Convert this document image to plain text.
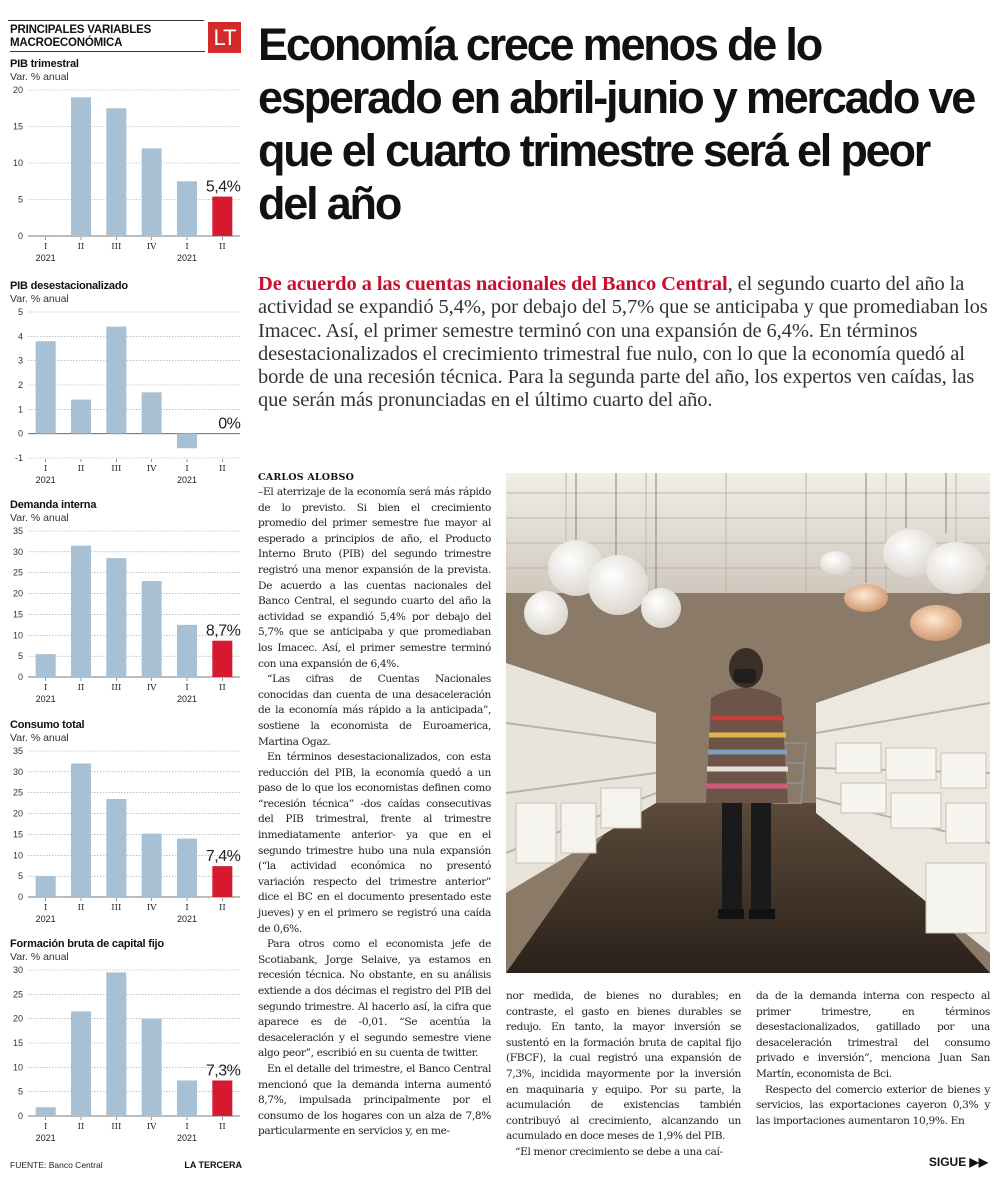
PRINCIPALES VARIABLES
MACROECONÓMICA	LT
PIB trimestral
Var. % anual
0
5
10
15
20
I	II	III	IV	I	II
5,4%
2021	2021
PIB desestacionalizado
Var. % anual
-1
0
1
2
3
4
5
I	II	III	IV	I	II
0%
2021	2021
Demanda interna
Var. % anual
0
5
10
15
20
25
30
35
I	II	III	IV	I	II
8,7%
2021	2021
Consumo total
Var. % anual
0
5
10
15
20
25
30
35
I	II	III	IV	I	II
7,4%
2021	2021
Formación bruta de capital fijo
Var. % anual
0
5
10
15
20
25
30
I	II	III	IV	I	II
7,3%
2021	2021
FUENTE: Banco Central	LA TERCERA
Economía crece menos de lo esperado en abril-junio y mercado ve que el cuarto trimestre será el peor del año

De acuerdo a las cuentas nacionales del Banco Central, el segundo cuarto del año la actividad se expandió 5,4%, por debajo del 5,7% que se anticipaba y que promediaban los Imacec. Así, el primer semestre terminó con una expansión de 6,4%. En términos desestacionalizados el crecimiento trimestral fue nulo, con lo que la economía quedó al borde de una recesión técnica. Para la segunda parte del año, los expertos ven caídas, las que serán más pronunciadas en el último cuarto del año.

CARLOS ALOBSO

–El aterrizaje de la economía será más rápido de lo previsto. Si bien el crecimiento promedio del primer semestre fue mayor al esperado a principios de año, el Producto Interno Bruto (PIB) del segundo trimestre registró una menor expansión de la prevista. De acuerdo a las cuentas nacionales del Banco Central, el segundo cuarto del año la actividad se expandió 5,4% por debajo del 5,7% que se anticipaba y que promediaban los Imacec. Así, el primer semestre terminó con una expansión de 6,4%.

“Las cifras de Cuentas Nacionales conocidas dan cuenta de una desaceleración de la economía más rápido a la anticipada”, sostiene la economista de Euroamerica, Martina Ogaz.

En términos desestacionalizados, con esta reducción del PIB, la economía quedó a un paso de lo que los economistas definen como “recesión técnica” -dos caídas consecutivas del PIB trimestral, frente al trimestre inmediatamente anterior- ya que en el segundo trimestre hubo una nula expansión (“la actividad económica no presentó variación respecto del trimestre anterior” dice el BC en el documento presentado este jueves) y en el primero se registró una caída de 0,6%.

Para otros como el economista jefe de Scotiabank, Jorge Selaive, ya estamos en recesión técnica. No obstante, en su análisis extiende a dos décimas el registro del PIB del segundo trimestre. Al hacerlo así, la cifra que aparece es de -0,01. “Se acentúa la desaceleración y el segundo semestre viene algo peor”, escribió en su cuenta de twitter.

En el detalle del trimestre, el Banco Central mencionó que la demanda interna aumentó 8,7%, impulsada principalmente por el consumo de los hogares con un alza de 7,8% particularmente en servicios y, en me-

nor medida, de bienes no durables; en contraste, el gasto en bienes durables se redujo. En tanto, la mayor inversión se sustentó en la formación bruta de capital fijo (FBCF), la cual registró una expansión de 7,3%, incidida mayormente por la inversión en maquinaria y equipo. Por su parte, la acumulación de existencias también contribuyó al crecimiento, alcanzando un acumulado en doce meses de 1,9% del PIB.

“El menor crecimiento se debe a una caí-

da de la demanda interna con respecto al primer trimestre, en términos desestacionalizados, gatillado por una desaceleración trimestral del consumo privado e inversión”, menciona Juan San Martín, economista de Bci.

Respecto del comercio exterior de bienes y servicios, las exportaciones cayeron 0,3% y las importaciones aumentaron 10,9%. En

SIGUE ▶▶
